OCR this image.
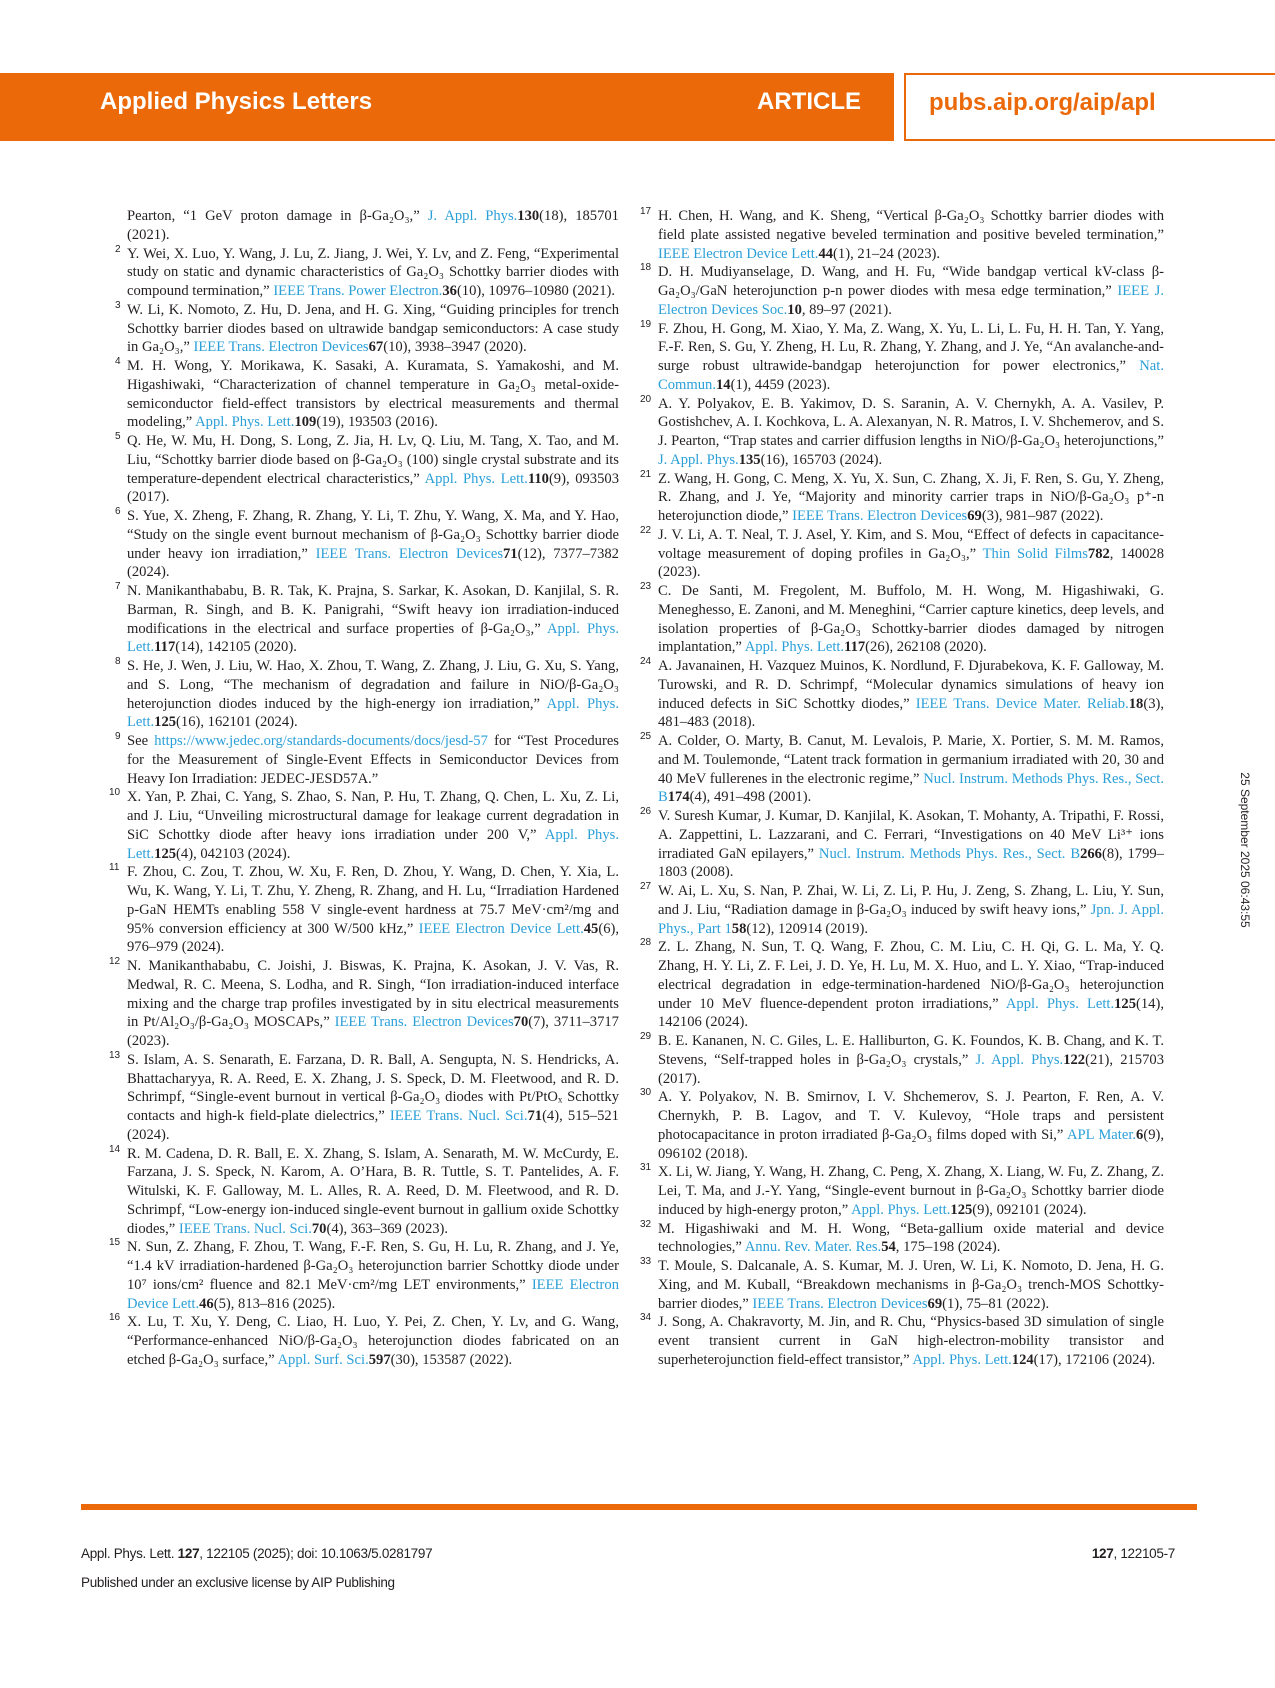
Applied Physics Letters	ARTICLE	pubs.aip.org/aip/apl

Pearton, “1 GeV proton damage in β-Ga₂O₃,” J. Appl. Phys.130(18), 185701 (2021).

2 Y. Wei, X. Luo, Y. Wang, J. Lu, Z. Jiang, J. Wei, Y. Lv, and Z. Feng, “Experimental study on static and dynamic characteristics of Ga₂O₃ Schottky barrier diodes with compound termination,” IEEE Trans. Power Electron.36(10), 10976–10980 (2021).

3 W. Li, K. Nomoto, Z. Hu, D. Jena, and H. G. Xing, “Guiding principles for trench Schottky barrier diodes based on ultrawide bandgap semiconductors: A case study in Ga₂O₃,” IEEE Trans. Electron Devices67(10), 3938–3947 (2020).

4 M. H. Wong, Y. Morikawa, K. Sasaki, A. Kuramata, S. Yamakoshi, and M. Higashiwaki, “Characterization of channel temperature in Ga₂O₃ metal-oxide-semiconductor field-effect transistors by electrical measurements and thermal modeling,” Appl. Phys. Lett.109(19), 193503 (2016).

5 Q. He, W. Mu, H. Dong, S. Long, Z. Jia, H. Lv, Q. Liu, M. Tang, X. Tao, and M. Liu, “Schottky barrier diode based on β-Ga₂O₃ (100) single crystal substrate and its temperature-dependent electrical characteristics,” Appl. Phys. Lett.110(9), 093503 (2017).

6 S. Yue, X. Zheng, F. Zhang, R. Zhang, Y. Li, T. Zhu, Y. Wang, X. Ma, and Y. Hao, “Study on the single event burnout mechanism of β-Ga₂O₃ Schottky barrier diode under heavy ion irradiation,” IEEE Trans. Electron Devices71(12), 7377–7382 (2024).

7 N. Manikanthababu, B. R. Tak, K. Prajna, S. Sarkar, K. Asokan, D. Kanjilal, S. R. Barman, R. Singh, and B. K. Panigrahi, “Swift heavy ion irradiation-induced modifications in the electrical and surface properties of β-Ga₂O₃,” Appl. Phys. Lett.117(14), 142105 (2020).

8 S. He, J. Wen, J. Liu, W. Hao, X. Zhou, T. Wang, Z. Zhang, J. Liu, G. Xu, S. Yang, and S. Long, “The mechanism of degradation and failure in NiO/β-Ga₂O₃ heterojunction diodes induced by the high-energy ion irradiation,” Appl. Phys. Lett.125(16), 162101 (2024).

9 See https://www.jedec.org/standards-documents/docs/jesd-57 for “Test Procedures for the Measurement of Single-Event Effects in Semiconductor Devices from Heavy Ion Irradiation: JEDEC-JESD57A.”

10 X. Yan, P. Zhai, C. Yang, S. Zhao, S. Nan, P. Hu, T. Zhang, Q. Chen, L. Xu, Z. Li, and J. Liu, “Unveiling microstructural damage for leakage current degradation in SiC Schottky diode after heavy ions irradiation under 200 V,” Appl. Phys. Lett.125(4), 042103 (2024).

11 F. Zhou, C. Zou, T. Zhou, W. Xu, F. Ren, D. Zhou, Y. Wang, D. Chen, Y. Xia, L. Wu, K. Wang, Y. Li, T. Zhu, Y. Zheng, R. Zhang, and H. Lu, “Irradiation Hardened p-GaN HEMTs enabling 558 V single-event hardness at 75.7 MeV·cm²/mg and 95% conversion efficiency at 300 W/500 kHz,” IEEE Electron Device Lett.45(6), 976–979 (2024).

12 N. Manikanthababu, C. Joishi, J. Biswas, K. Prajna, K. Asokan, J. V. Vas, R. Medwal, R. C. Meena, S. Lodha, and R. Singh, “Ion irradiation-induced interface mixing and the charge trap profiles investigated by in situ electrical measurements in Pt/Al₂O₃/β-Ga₂O₃ MOSCAPs,” IEEE Trans. Electron Devices70(7), 3711–3717 (2023).

13 S. Islam, A. S. Senarath, E. Farzana, D. R. Ball, A. Sengupta, N. S. Hendricks, A. Bhattacharyya, R. A. Reed, E. X. Zhang, J. S. Speck, D. M. Fleetwood, and R. D. Schrimpf, “Single-event burnout in vertical β-Ga₂O₃ diodes with Pt/PtOₓ Schottky contacts and high-k field-plate dielectrics,” IEEE Trans. Nucl. Sci.71(4), 515–521 (2024).

14 R. M. Cadena, D. R. Ball, E. X. Zhang, S. Islam, A. Senarath, M. W. McCurdy, E. Farzana, J. S. Speck, N. Karom, A. O’Hara, B. R. Tuttle, S. T. Pantelides, A. F. Witulski, K. F. Galloway, M. L. Alles, R. A. Reed, D. M. Fleetwood, and R. D. Schrimpf, “Low-energy ion-induced single-event burnout in gallium oxide Schottky diodes,” IEEE Trans. Nucl. Sci.70(4), 363–369 (2023).

15 N. Sun, Z. Zhang, F. Zhou, T. Wang, F.-F. Ren, S. Gu, H. Lu, R. Zhang, and J. Ye, “1.4 kV irradiation-hardened β-Ga₂O₃ heterojunction barrier Schottky diode under 10⁷ ions/cm² fluence and 82.1 MeV·cm²/mg LET environments,” IEEE Electron Device Lett.46(5), 813–816 (2025).

16 X. Lu, T. Xu, Y. Deng, C. Liao, H. Luo, Y. Pei, Z. Chen, Y. Lv, and G. Wang, “Performance-enhanced NiO/β-Ga₂O₃ heterojunction diodes fabricated on an etched β-Ga₂O₃ surface,” Appl. Surf. Sci.597(30), 153587 (2022).

17 H. Chen, H. Wang, and K. Sheng, “Vertical β-Ga₂O₃ Schottky barrier diodes with field plate assisted negative beveled termination and positive beveled termination,” IEEE Electron Device Lett.44(1), 21–24 (2023).

18 D. H. Mudiyanselage, D. Wang, and H. Fu, “Wide bandgap vertical kV-class β-Ga₂O₃/GaN heterojunction p-n power diodes with mesa edge termination,” IEEE J. Electron Devices Soc.10, 89–97 (2021).

19 F. Zhou, H. Gong, M. Xiao, Y. Ma, Z. Wang, X. Yu, L. Li, L. Fu, H. H. Tan, Y. Yang, F.-F. Ren, S. Gu, Y. Zheng, H. Lu, R. Zhang, Y. Zhang, and J. Ye, “An avalanche-and-surge robust ultrawide-bandgap heterojunction for power electronics,” Nat. Commun.14(1), 4459 (2023).

20 A. Y. Polyakov, E. B. Yakimov, D. S. Saranin, A. V. Chernykh, A. A. Vasilev, P. Gostishchev, A. I. Kochkova, L. A. Alexanyan, N. R. Matros, I. V. Shchemerov, and S. J. Pearton, “Trap states and carrier diffusion lengths in NiO/β-Ga₂O₃ heterojunctions,” J. Appl. Phys.135(16), 165703 (2024).

21 Z. Wang, H. Gong, C. Meng, X. Yu, X. Sun, C. Zhang, X. Ji, F. Ren, S. Gu, Y. Zheng, R. Zhang, and J. Ye, “Majority and minority carrier traps in NiO/β-Ga₂O₃ p⁺-n heterojunction diode,” IEEE Trans. Electron Devices69(3), 981–987 (2022).

22 J. V. Li, A. T. Neal, T. J. Asel, Y. Kim, and S. Mou, “Effect of defects in capacitance-voltage measurement of doping profiles in Ga₂O₃,” Thin Solid Films782, 140028 (2023).

23 C. De Santi, M. Fregolent, M. Buffolo, M. H. Wong, M. Higashiwaki, G. Meneghesso, E. Zanoni, and M. Meneghini, “Carrier capture kinetics, deep levels, and isolation properties of β-Ga₂O₃ Schottky-barrier diodes damaged by nitrogen implantation,” Appl. Phys. Lett.117(26), 262108 (2020).

24 A. Javanainen, H. Vazquez Muinos, K. Nordlund, F. Djurabekova, K. F. Galloway, M. Turowski, and R. D. Schrimpf, “Molecular dynamics simulations of heavy ion induced defects in SiC Schottky diodes,” IEEE Trans. Device Mater. Reliab.18(3), 481–483 (2018).

25 A. Colder, O. Marty, B. Canut, M. Levalois, P. Marie, X. Portier, S. M. M. Ramos, and M. Toulemonde, “Latent track formation in germanium irradiated with 20, 30 and 40 MeV fullerenes in the electronic regime,” Nucl. Instrum. Methods Phys. Res., Sect. B174(4), 491–498 (2001).

26 V. Suresh Kumar, J. Kumar, D. Kanjilal, K. Asokan, T. Mohanty, A. Tripathi, F. Rossi, A. Zappettini, L. Lazzarani, and C. Ferrari, “Investigations on 40 MeV Li³⁺ ions irradiated GaN epilayers,” Nucl. Instrum. Methods Phys. Res., Sect. B266(8), 1799–1803 (2008).

27 W. Ai, L. Xu, S. Nan, P. Zhai, W. Li, Z. Li, P. Hu, J. Zeng, S. Zhang, L. Liu, Y. Sun, and J. Liu, “Radiation damage in β-Ga₂O₃ induced by swift heavy ions,” Jpn. J. Appl. Phys., Part 158(12), 120914 (2019).

28 Z. L. Zhang, N. Sun, T. Q. Wang, F. Zhou, C. M. Liu, C. H. Qi, G. L. Ma, Y. Q. Zhang, H. Y. Li, Z. F. Lei, J. D. Ye, H. Lu, M. X. Huo, and L. Y. Xiao, “Trap-induced electrical degradation in edge-termination-hardened NiO/β-Ga₂O₃ heterojunction under 10 MeV fluence-dependent proton irradiations,” Appl. Phys. Lett.125(14), 142106 (2024).

29 B. E. Kananen, N. C. Giles, L. E. Halliburton, G. K. Foundos, K. B. Chang, and K. T. Stevens, “Self-trapped holes in β-Ga₂O₃ crystals,” J. Appl. Phys.122(21), 215703 (2017).

30 A. Y. Polyakov, N. B. Smirnov, I. V. Shchemerov, S. J. Pearton, F. Ren, A. V. Chernykh, P. B. Lagov, and T. V. Kulevoy, “Hole traps and persistent photocapacitance in proton irradiated β-Ga₂O₃ films doped with Si,” APL Mater.6(9), 096102 (2018).

31 X. Li, W. Jiang, Y. Wang, H. Zhang, C. Peng, X. Zhang, X. Liang, W. Fu, Z. Zhang, Z. Lei, T. Ma, and J.-Y. Yang, “Single-event burnout in β-Ga₂O₃ Schottky barrier diode induced by high-energy proton,” Appl. Phys. Lett.125(9), 092101 (2024).

32 M. Higashiwaki and M. H. Wong, “Beta-gallium oxide material and device technologies,” Annu. Rev. Mater. Res.54, 175–198 (2024).

33 T. Moule, S. Dalcanale, A. S. Kumar, M. J. Uren, W. Li, K. Nomoto, D. Jena, H. G. Xing, and M. Kuball, “Breakdown mechanisms in β-Ga₂O₃ trench-MOS Schottky-barrier diodes,” IEEE Trans. Electron Devices69(1), 75–81 (2022).

34 J. Song, A. Chakravorty, M. Jin, and R. Chu, “Physics-based 3D simulation of single event transient current in GaN high-electron-mobility transistor and superheterojunction field-effect transistor,” Appl. Phys. Lett.124(17), 172106 (2024).

Appl. Phys. Lett. 127, 122105 (2025); doi: 10.1063/5.0281797	127, 122105-7
Published under an exclusive license by AIP Publishing
25 September 2025 06:43:55
